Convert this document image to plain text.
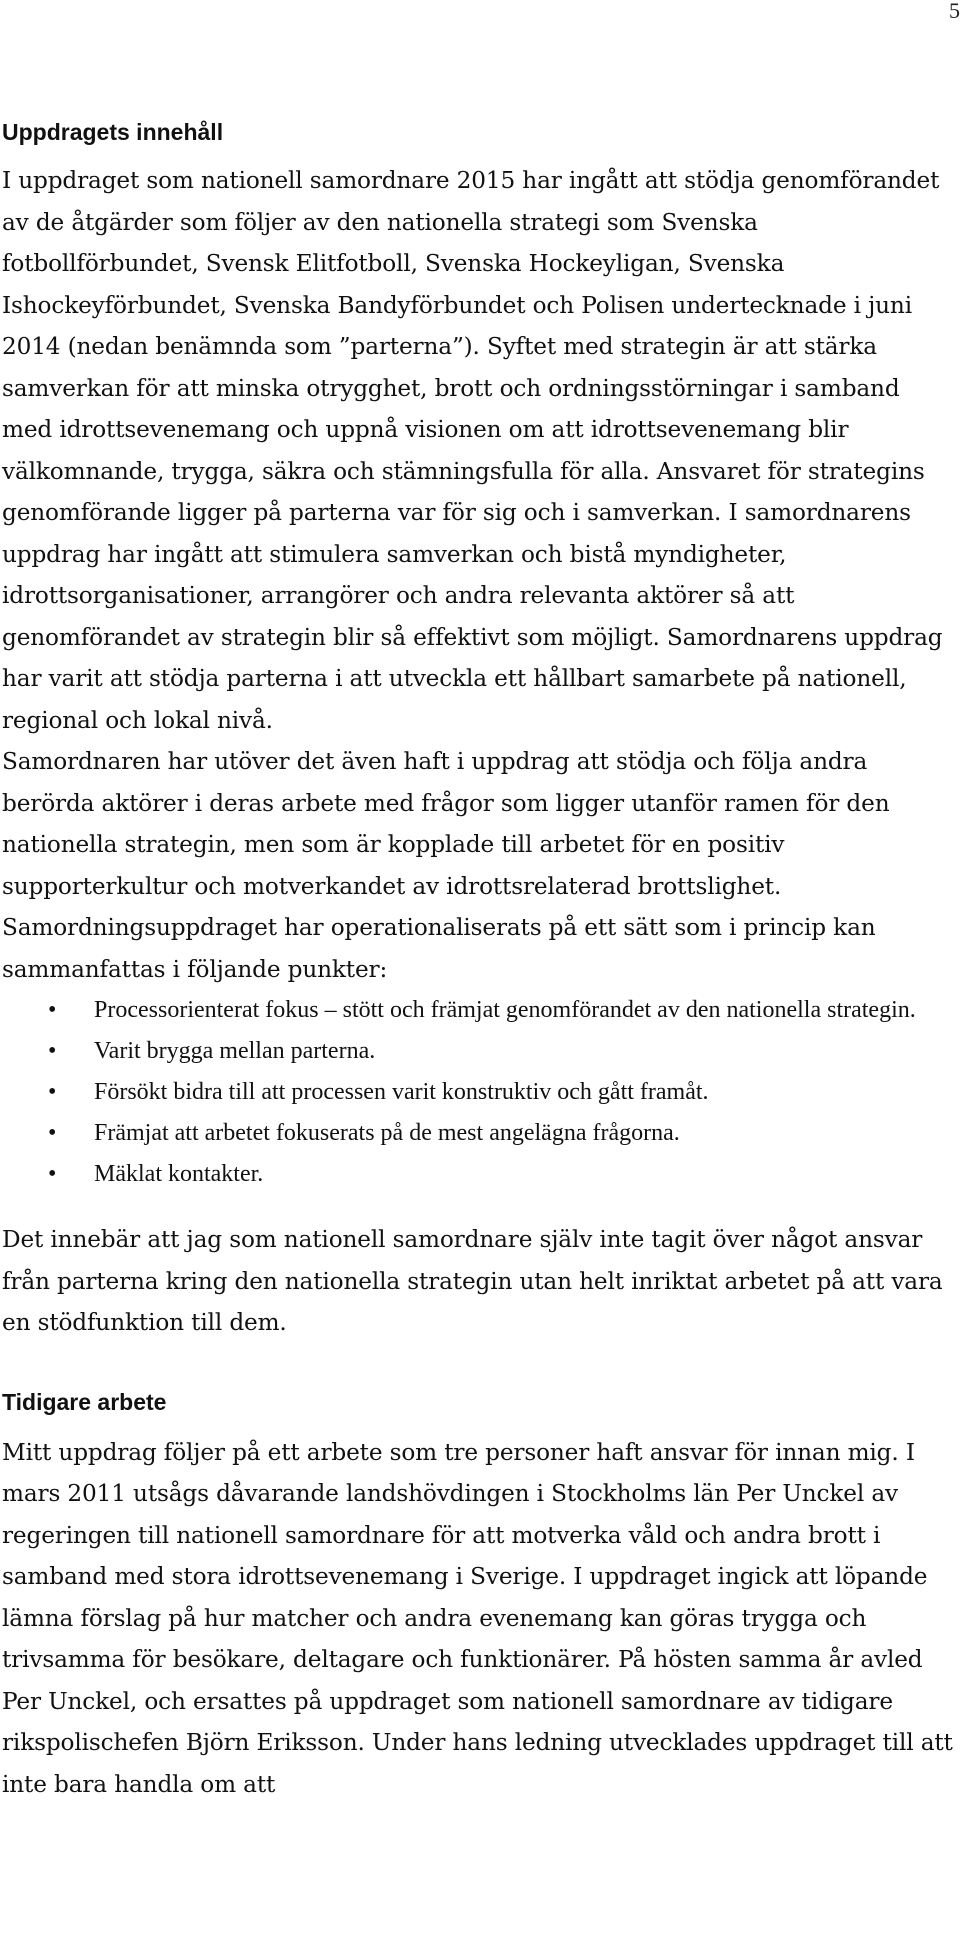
5
Uppdragets innehåll

I uppdraget som nationell samordnare 2015 har ingått att stödja genomförandet av de åtgärder som följer av den nationella strategi som Svenska fotbollförbundet, Svensk Elitfotboll, Svenska Hockeyligan, Svenska Ishockeyförbundet, Svenska Bandyförbundet och Polisen undertecknade i juni 2014 (nedan benämnda som ”parterna”). Syftet med strategin är att stärka samverkan för att minska otrygghet, brott och ordningsstörningar i samband med idrottsevenemang och uppnå visionen om att idrottsevenemang blir välkomnande, trygga, säkra och stämningsfulla för alla. Ansvaret för strategins genomförande ligger på parterna var för sig och i samverkan. I samordnarens uppdrag har ingått att stimulera samverkan och bistå myndigheter, idrottsorganisationer, arrangörer och andra relevanta aktörer så att genomförandet av strategin blir så effektivt som möjligt. Samordnarens uppdrag har varit att stödja parterna i att utveckla ett hållbart samarbete på nationell, regional och lokal nivå.

Samordnaren har utöver det även haft i uppdrag att stödja och följa andra berörda aktörer i deras arbete med frågor som ligger utanför ramen för den nationella strategin, men som är kopplade till arbetet för en positiv supporterkultur och motverkandet av idrottsrelaterad brottslighet.

Samordningsuppdraget har operationaliserats på ett sätt som i princip kan sammanfattas i följande punkter:

• Processorienterat fokus – stött och främjat genomförandet av den nationella strategin.
• Varit brygga mellan parterna.
• Försökt bidra till att processen varit konstruktiv och gått framåt.
• Främjat att arbetet fokuserats på de mest angelägna frågorna.
• Mäklat kontakter.

Det innebär att jag som nationell samordnare själv inte tagit över något ansvar från parterna kring den nationella strategin utan helt inriktat arbetet på att vara en stödfunktion till dem.

Tidigare arbete

Mitt uppdrag följer på ett arbete som tre personer haft ansvar för innan mig. I mars 2011 utsågs dåvarande landshövdingen i Stockholms län Per Unckel av regeringen till nationell samordnare för att motverka våld och andra brott i samband med stora idrottsevenemang i Sverige. I uppdraget ingick att löpande lämna förslag på hur matcher och andra evenemang kan göras trygga och trivsamma för besökare, deltagare och funktionärer. På hösten samma år avled Per Unckel, och ersattes på uppdraget som nationell samordnare av tidigare rikspolischefen Björn Eriksson. Under hans ledning utvecklades uppdraget till att inte bara handla om att
